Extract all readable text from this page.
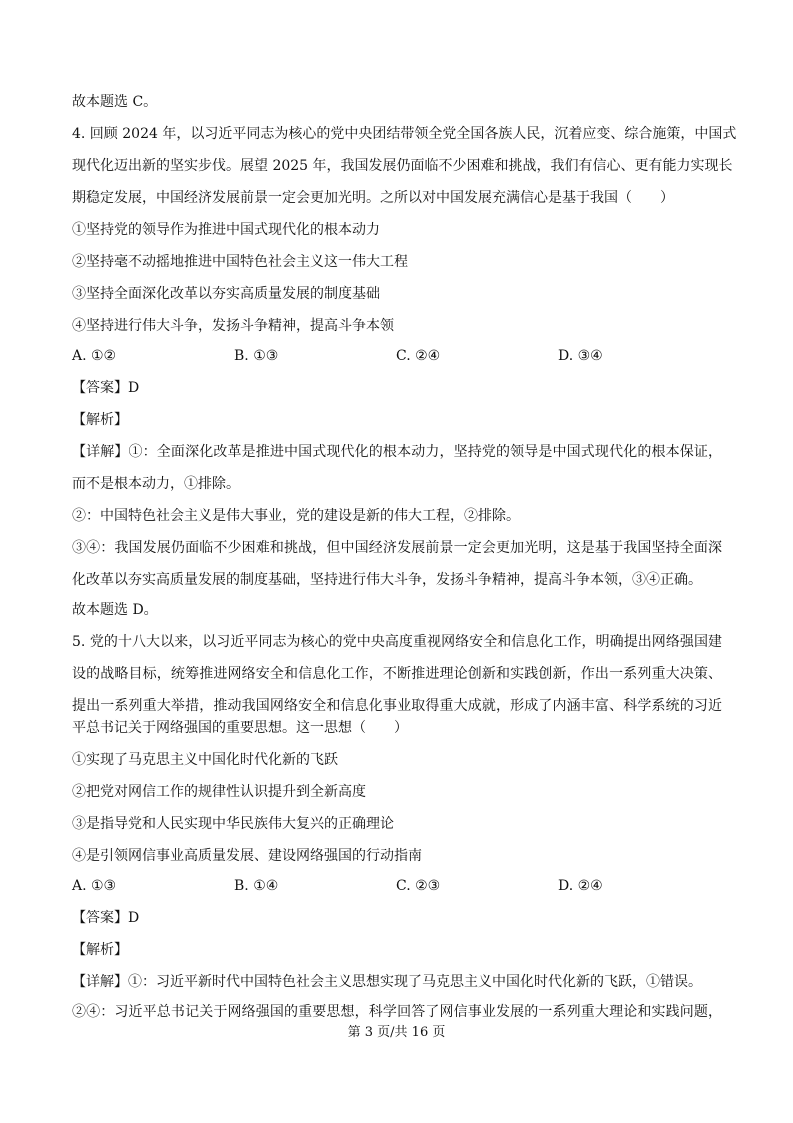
故本题选 C。
4. 回顾 2024 年，以习近平同志为核心的党中央团结带领全党全国各族人民，沉着应变、综合施策，中国式
现代化迈出新的坚实步伐。展望 2025 年，我国发展仍面临不少困难和挑战，我们有信心、更有能力实现长
期稳定发展，中国经济发展前景一定会更加光明。之所以对中国发展充满信心是基于我国（　　）
①坚持党的领导作为推进中国式现代化的根本动力
②坚持毫不动摇地推进中国特色社会主义这一伟大工程
③坚持全面深化改革以夯实高质量发展的制度基础
④坚持进行伟大斗争，发扬斗争精神，提高斗争本领
A. ①②	B. ①③	C. ②④	D. ③④
【答案】D
【解析】
【详解】①：全面深化改革是推进中国式现代化的根本动力，坚持党的领导是中国式现代化的根本保证，
而不是根本动力，①排除。
②：中国特色社会主义是伟大事业，党的建设是新的伟大工程，②排除。
③④：我国发展仍面临不少困难和挑战，但中国经济发展前景一定会更加光明，这是基于我国坚持全面深
化改革以夯实高质量发展的制度基础，坚持进行伟大斗争，发扬斗争精神，提高斗争本领，③④正确。
故本题选 D。
5. 党的十八大以来，以习近平同志为核心的党中央高度重视网络安全和信息化工作，明确提出网络强国建
设的战略目标，统筹推进网络安全和信息化工作，不断推进理论创新和实践创新，作出一系列重大决策、
提出一系列重大举措，推动我国网络安全和信息化事业取得重大成就，形成了内涵丰富、科学系统的习近
平总书记关于网络强国的重要思想。这一思想（　　）
①实现了马克思主义中国化时代化新的飞跃
②把党对网信工作的规律性认识提升到全新高度
③是指导党和人民实现中华民族伟大复兴的正确理论
④是引领网信事业高质量发展、建设网络强国的行动指南
A. ①③	B. ①④	C. ②③	D. ②④
【答案】D
【解析】
【详解】①：习近平新时代中国特色社会主义思想实现了马克思主义中国化时代化新的飞跃，①错误。
②④：习近平总书记关于网络强国的重要思想，科学回答了网信事业发展的一系列重大理论和实践问题，
第 3 页/共 16 页
